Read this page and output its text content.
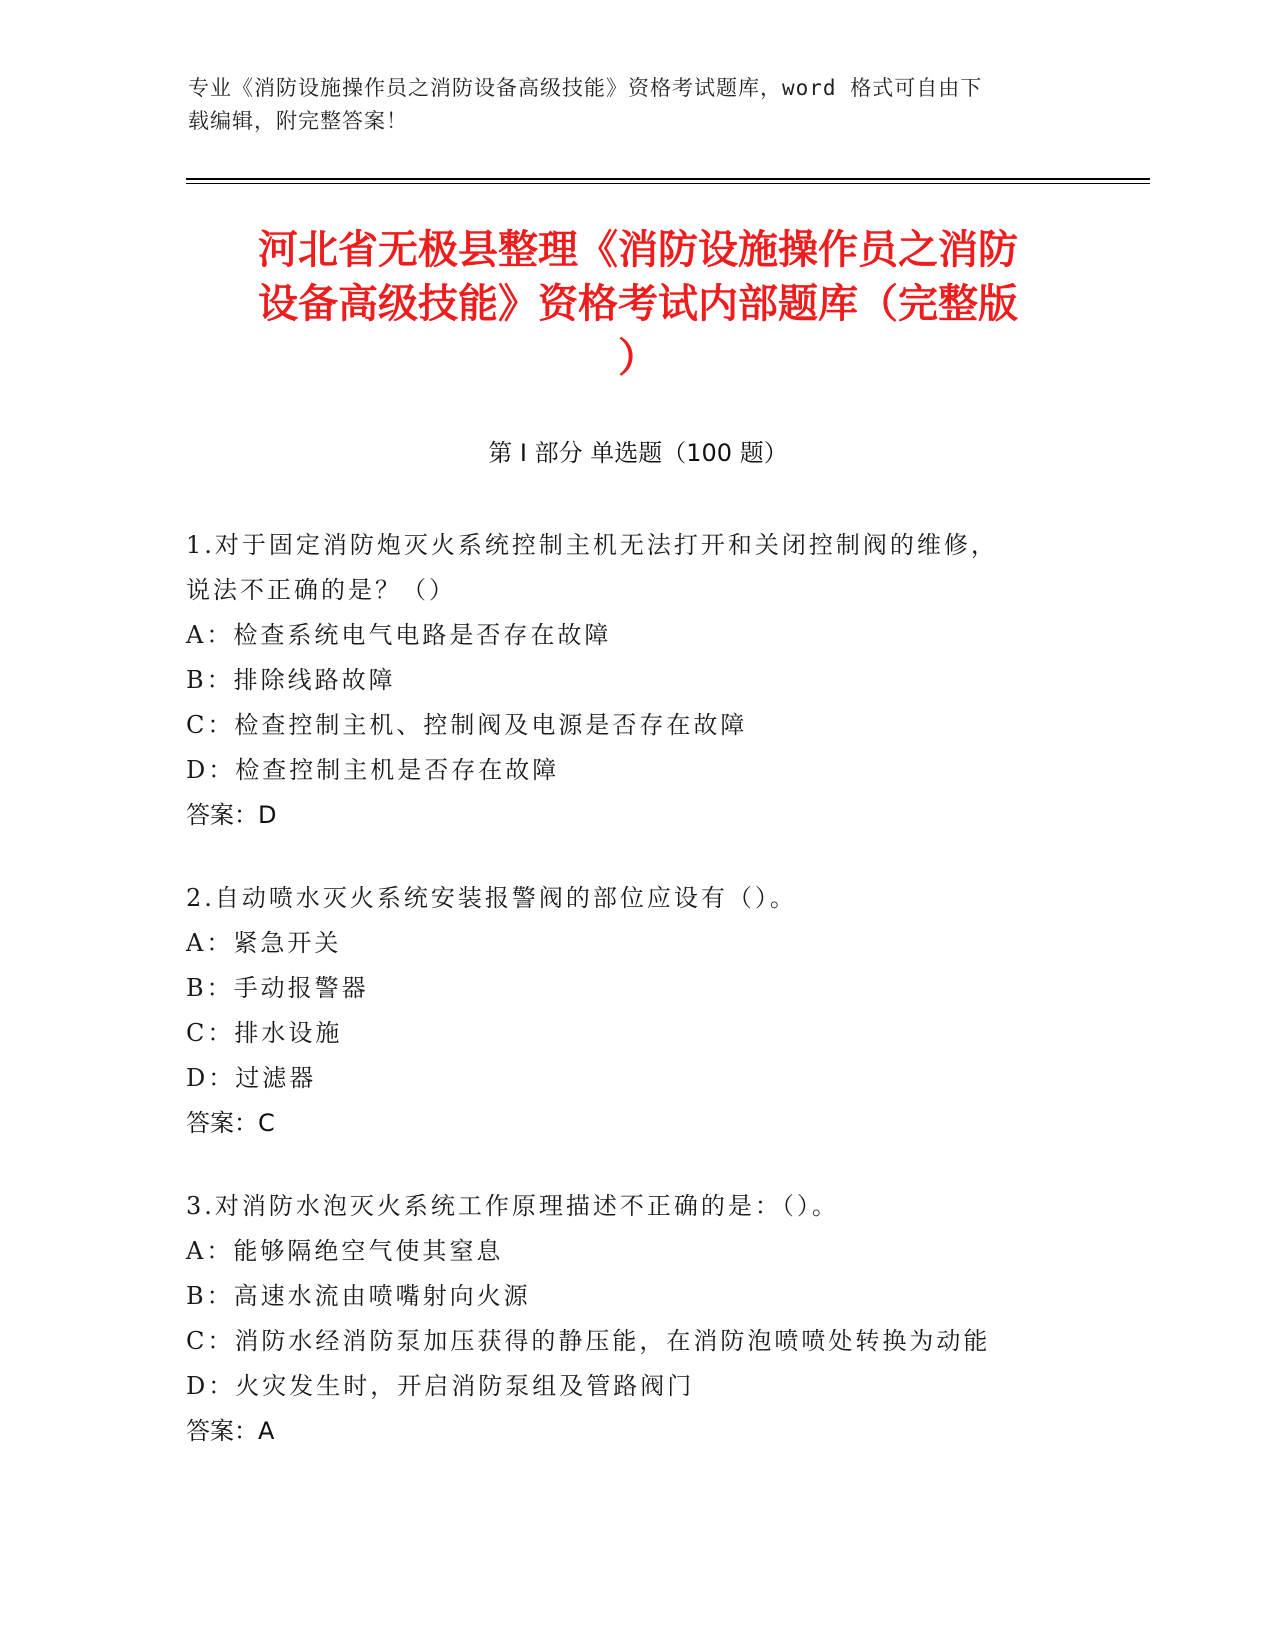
专业《消防设施操作员之消防设备高级技能》资格考试题库，word 格式可自由下
载编辑，附完整答案！
河北省无极县整理《消防设施操作员之消防
设备高级技能》资格考试内部题库（完整版
）
第 I 部分 单选题（100 题）
1.对于固定消防炮灭火系统控制主机无法打开和关闭控制阀的维修，
说法不正确的是？（）
A：检查系统电气电路是否存在故障
B：排除线路故障
C：检查控制主机、控制阀及电源是否存在故障
D：检查控制主机是否存在故障
答案：D
2.自动喷水灭火系统安装报警阀的部位应设有（）。
A：紧急开关
B：手动报警器
C：排水设施
D：过滤器
答案：C
3.对消防水泡灭火系统工作原理描述不正确的是：（）。
A：能够隔绝空气使其窒息
B：高速水流由喷嘴射向火源
C：消防水经消防泵加压获得的静压能，在消防泡喷喷处转换为动能
D：火灾发生时，开启消防泵组及管路阀门
答案：A
